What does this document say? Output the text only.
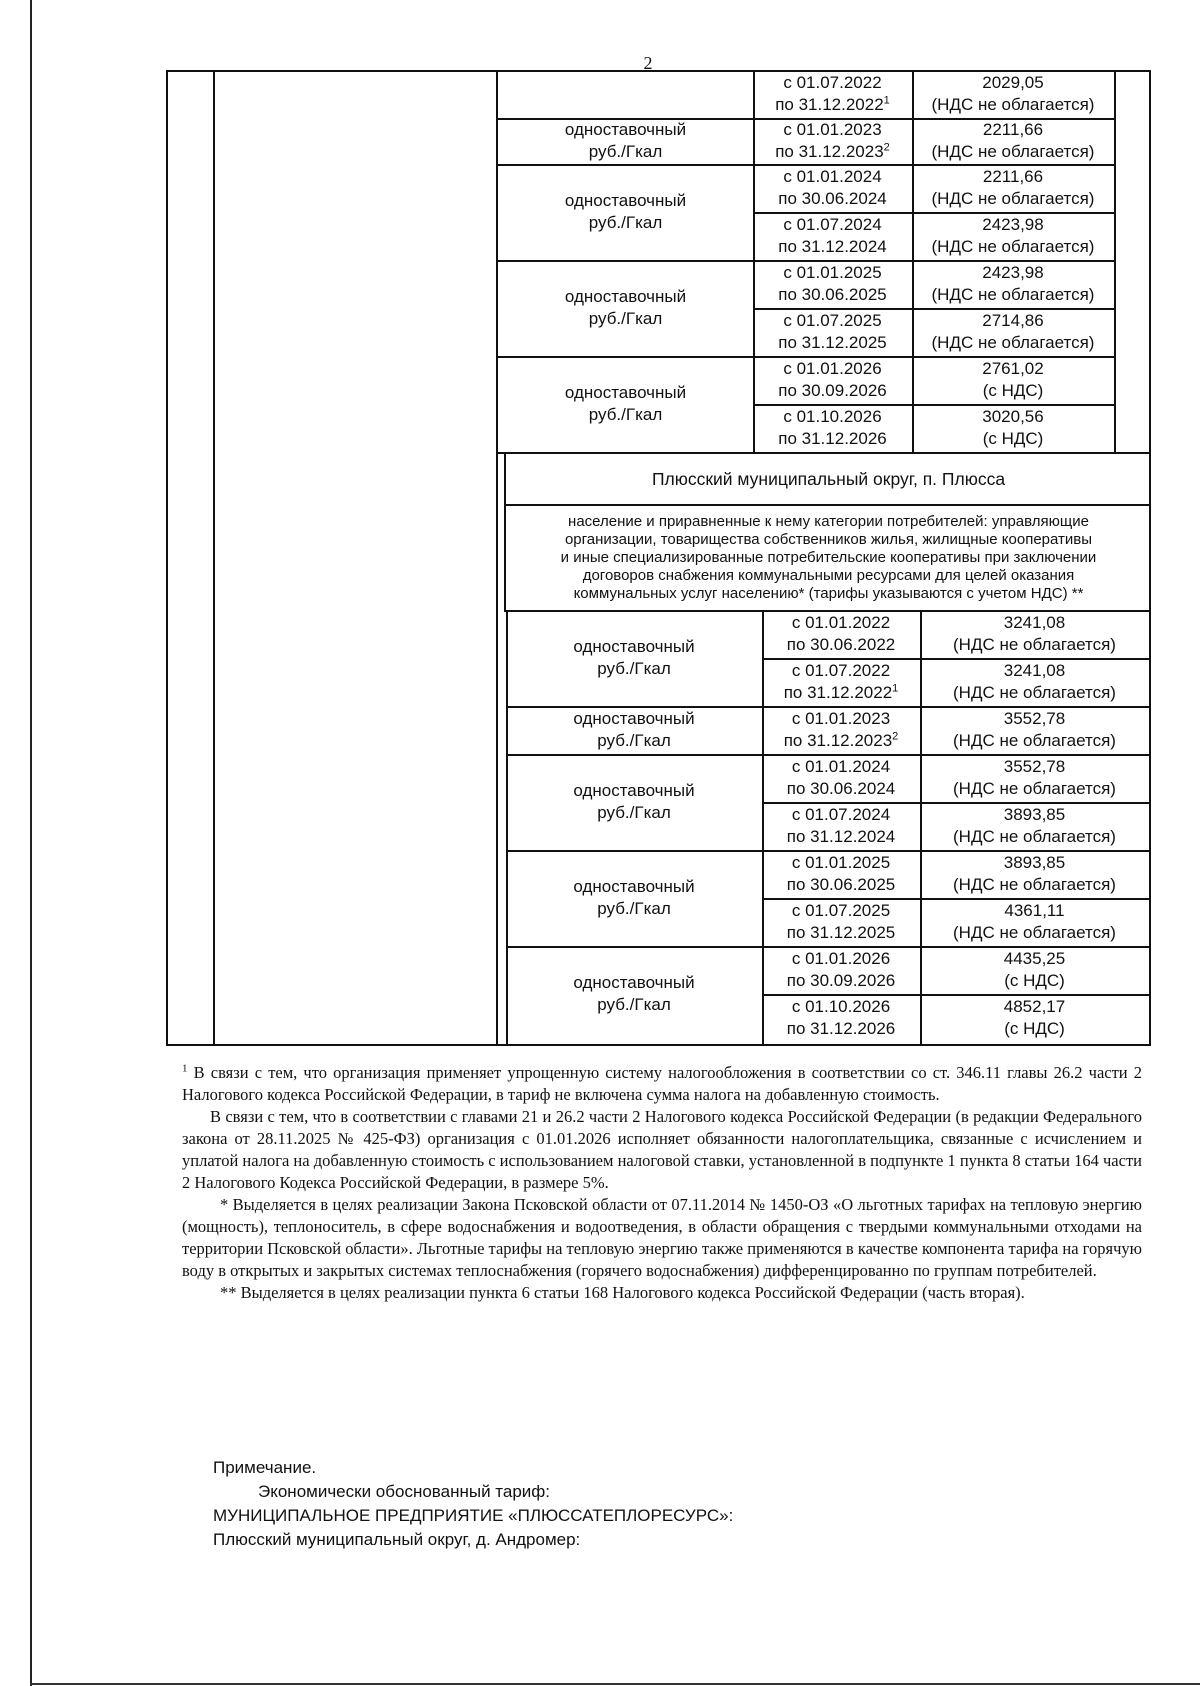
2
с 01.07.2022
по 31.12.2022$^1$
2029,05
(НДС не облагается)
с 01.01.2023
по 31.12.2023$^2$
2211,66
(НДС не облагается)
с 01.01.2024
по 30.06.2024
2211,66
(НДС не облагается)
с 01.07.2024
по 31.12.2024
2423,98
(НДС не облагается)
с 01.01.2025
по 30.06.2025
2423,98
(НДС не облагается)
с 01.07.2025
по 31.12.2025
2714,86
(НДС не облагается)
с 01.01.2026
по 30.09.2026
2761,02
(с НДС)
с 01.10.2026
по 31.12.2026
3020,56
(с НДС)
одноставочный
руб./Гкал
одноставочный
руб./Гкал
одноставочный
руб./Гкал
одноставочный
руб./Гкал
Плюсский муниципальный округ, п. Плюсса
население и приравненные к нему категории потребителей: управляющие
организации, товарищества собственников жилья, жилищные кооперативы
и иные специализированные потребительские кооперативы при заключении
договоров снабжения коммунальными ресурсами для целей оказания
коммунальных услуг населению* (тарифы указываются с учетом НДС) **
с 01.01.2022
по 30.06.2022
3241,08
(НДС не облагается)
с 01.07.2022
по 31.12.2022$^1$
3241,08
(НДС не облагается)
с 01.01.2023
по 31.12.2023$^2$
3552,78
(НДС не облагается)
с 01.01.2024
по 30.06.2024
3552,78
(НДС не облагается)
с 01.07.2024
по 31.12.2024
3893,85
(НДС не облагается)
с 01.01.2025
по 30.06.2025
3893,85
(НДС не облагается)
с 01.07.2025
по 31.12.2025
4361,11
(НДС не облагается)
с 01.01.2026
по 30.09.2026
4435,25
(с НДС)
с 01.10.2026
по 31.12.2026
4852,17
(с НДС)
одноставочный
руб./Гкал
одноставочный
руб./Гкал
одноставочный
руб./Гкал
одноставочный
руб./Гкал
одноставочный
руб./Гкал

$^1$ В связи с тем, что организация применяет упрощенную систему налогообложения в соответствии со ст. 346.11 главы 26.2 части 2 Налогового кодекса Российской Федерации, в тариф не включена сумма налога на добавленную стоимость.

В связи с тем, что в соответствии с главами 21 и 26.2 части 2 Налогового кодекса Российской Федерации (в редакции Федерального закона от 28.11.2025 № 425-ФЗ) организация с 01.01.2026 исполняет обязанности налогоплательщика, связанные с исчислением и уплатой налога на добавленную стоимость с использованием налоговой ставки, установленной в подпункте 1 пункта 8 статьи 164 части 2 Налогового Кодекса Российской Федерации, в размере 5%.

* Выделяется в целях реализации Закона Псковской области от 07.11.2014 № 1450-ОЗ «О льготных тарифах на тепловую энергию (мощность), теплоноситель, в сфере водоснабжения и водоотведения, в области обращения с твердыми коммунальными отходами на территории Псковской области». Льготные тарифы на тепловую энергию также применяются в качестве компонента тарифа на горячую воду в открытых и закрытых системах теплоснабжения (горячего водоснабжения) дифференцированно по группам потребителей.

** Выделяется в целях реализации пункта 6 статьи 168 Налогового кодекса Российской Федерации (часть вторая).

Примечание.
Экономически обоснованный тариф:
МУНИЦИПАЛЬНОЕ ПРЕДПРИЯТИЕ «ПЛЮССАТЕПЛОРЕСУРС»:
Плюсский муниципальный округ, д. Андромер:
